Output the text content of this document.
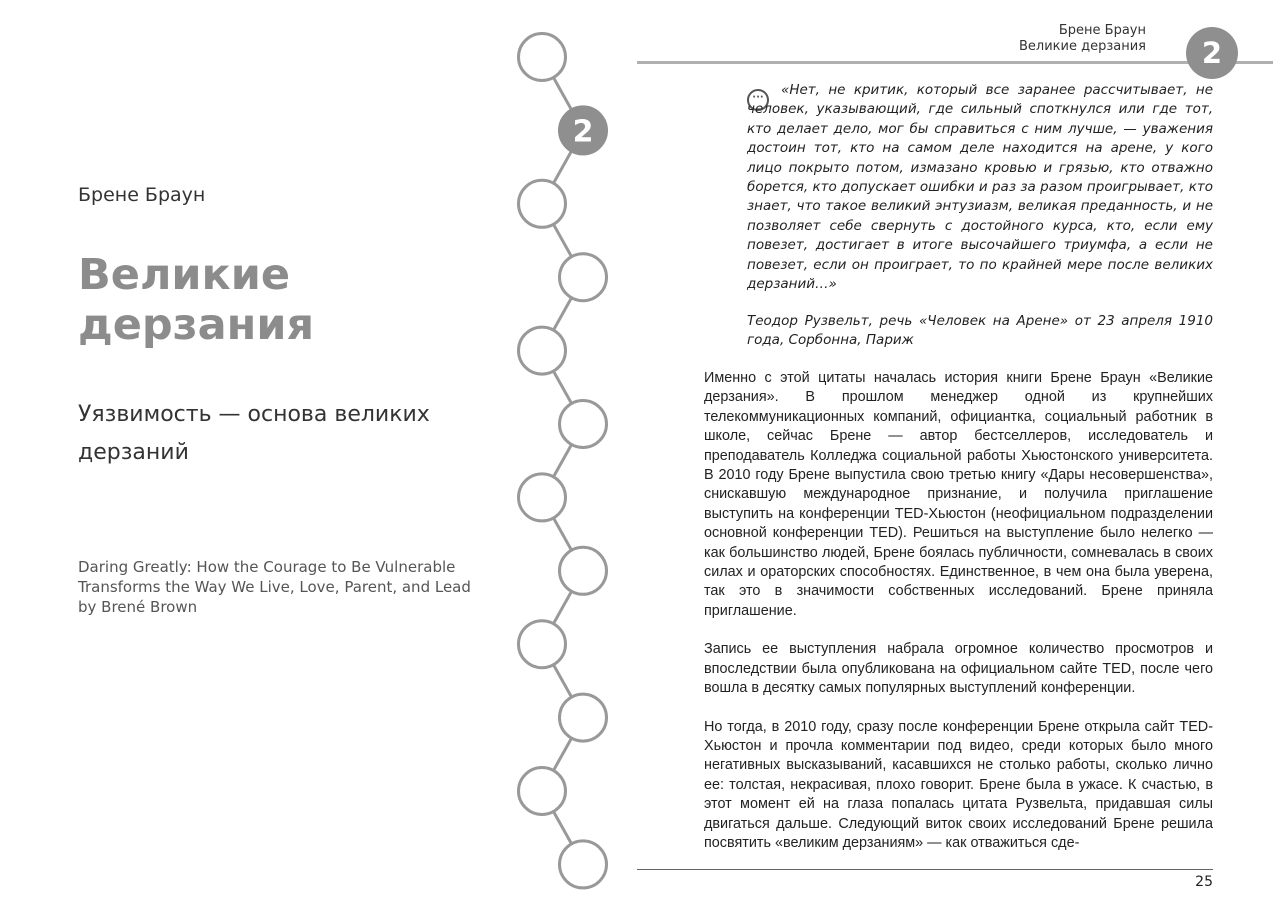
Брене Браун
Великие
дерзания
Уязвимость — основа великих
дерзаний
Daring Greatly: How the Courage to Be Vulnerable
Transforms the Way We Live, Love, Parent, and Lead
by Brené Brown
2
Брене Браун
Великие дерзания	2
···	«Нет, не критик, который все заранее рассчитывает, не человек, указывающий, где сильный споткнулся или где тот, кто делает дело, мог бы справиться с ним лучше, — уважения достоин тот, кто на самом деле находится на арене, у кого лицо покрыто потом, измазано кровью и грязью, кто отважно борется, кто допускает ошибки и раз за разом проигрывает, кто знает, что такое великий энтузиазм, великая преданность, и не позволяет себе свернуть с достойного курса, кто, если ему повезет, достигает в итоге высочайшего триумфа, а если не повезет, если он проиграет, то по крайней мере после великих дерзаний…»
Теодор Рузвельт, речь «Человек на Арене» от 23 апреля 1910 года, Сорбонна, Париж

Именно с этой цитаты началась история книги Брене Браун «Великие дерзания». В прошлом менеджер одной из крупнейших телекоммуникационных компаний, официантка, социальный работник в школе, сейчас Брене — автор бестселлеров, исследователь и преподаватель Колледжа социальной работы Хьюстонского университета. В 2010 году Брене выпустила свою третью книгу «Дары несовершенства», снискавшую международное признание, и получила приглашение выступить на конференции TED-Хьюстон (неофициальном подразделении основной конференции TED). Решиться на выступление было нелегко — как большинство людей, Брене боялась публичности, сомневалась в своих силах и ораторских способностях. Единственное, в чем она была уверена, так это в значимости собственных исследований. Брене приняла приглашение.

Запись ее выступления набрала огромное количество просмотров и впоследствии была опубликована на официальном сайте TED, после чего вошла в десятку самых популярных выступлений конференции.

Но тогда, в 2010 году, сразу после конференции Брене открыла сайт TED-Хьюстон и прочла комментарии под видео, среди которых было много негативных высказываний, касавшихся не столько работы, сколько лично ее: толстая, некрасивая, плохо говорит. Брене была в ужасе. К счастью, в этот момент ей на глаза попалась цитата Рузвельта, придавшая силы двигаться дальше. Следующий виток своих исследований Брене решила посвятить «великим дерзаниям» — как отважиться сде-

25
